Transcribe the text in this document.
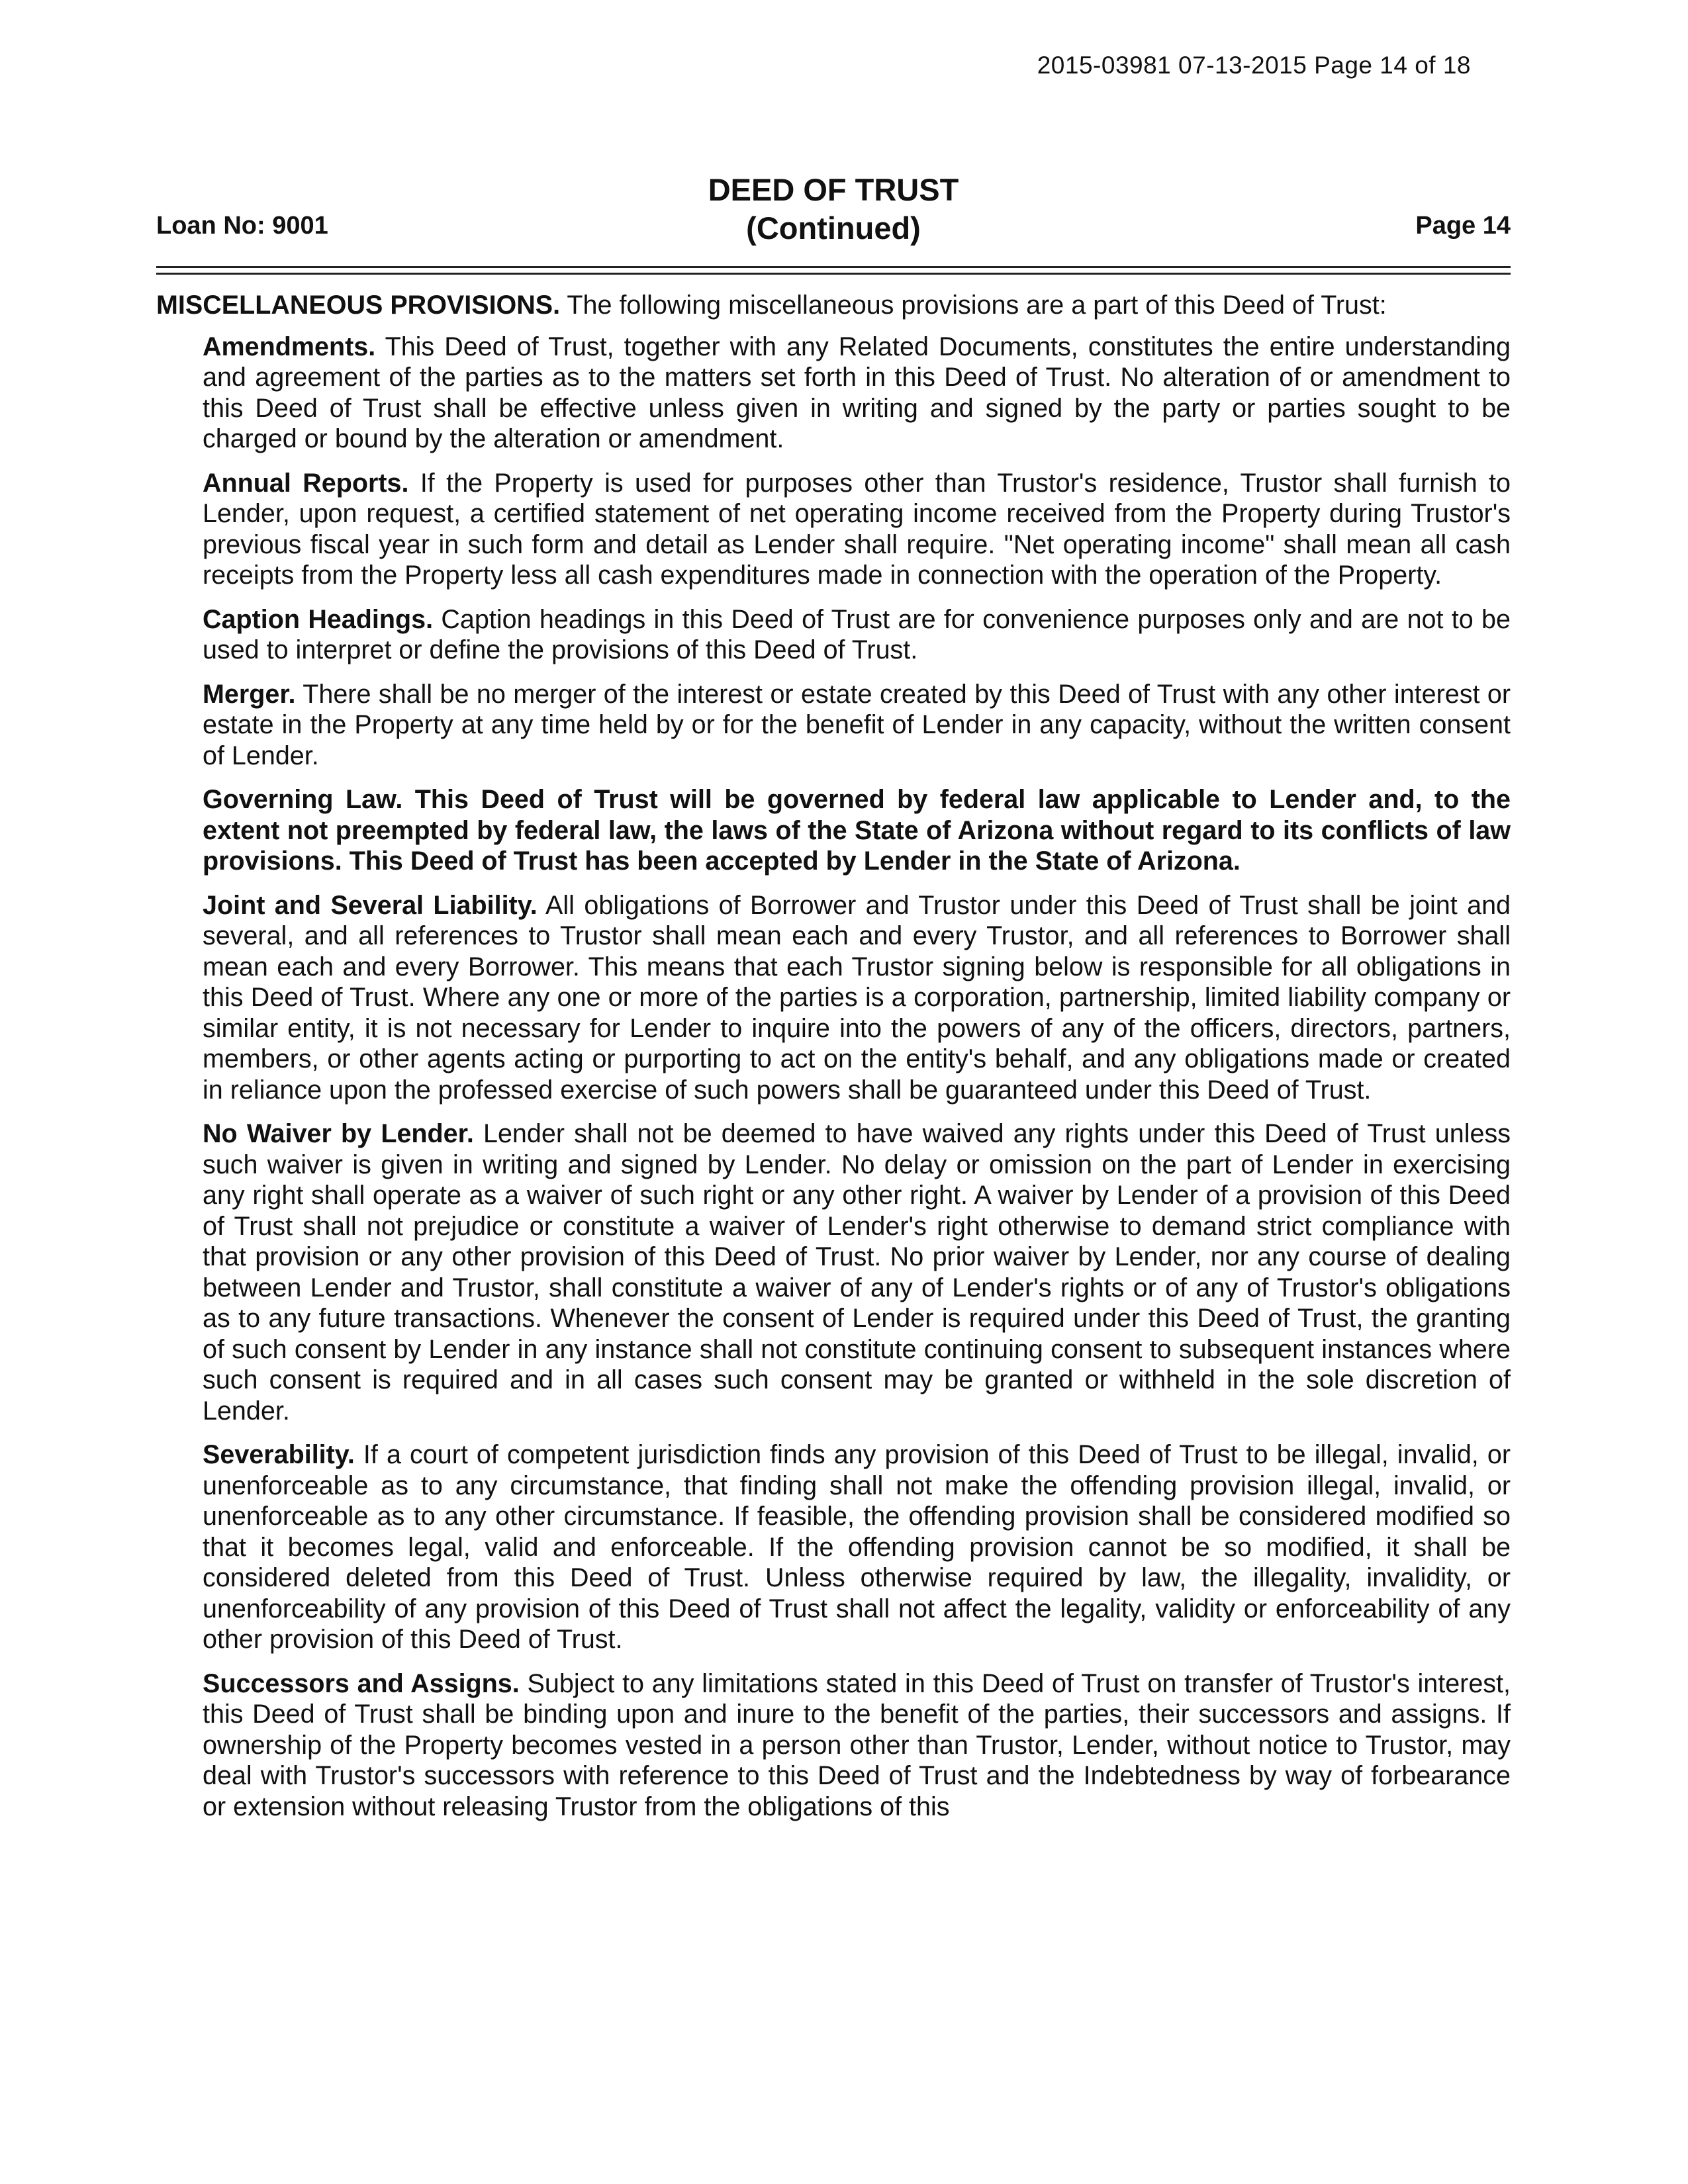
2015-03981 07-13-2015 Page 14 of 18
Loan No: 9001
DEED OF TRUST
(Continued)	Page 14

MISCELLANEOUS PROVISIONS. The following miscellaneous provisions are a part of this Deed of Trust:

Amendments. This Deed of Trust, together with any Related Documents, constitutes the entire understanding and agreement of the parties as to the matters set forth in this Deed of Trust. No alteration of or amendment to this Deed of Trust shall be effective unless given in writing and signed by the party or parties sought to be charged or bound by the alteration or amendment.

Annual Reports. If the Property is used for purposes other than Trustor's residence, Trustor shall furnish to Lender, upon request, a certified statement of net operating income received from the Property during Trustor's previous fiscal year in such form and detail as Lender shall require. "Net operating income" shall mean all cash receipts from the Property less all cash expenditures made in connection with the operation of the Property.

Caption Headings. Caption headings in this Deed of Trust are for convenience purposes only and are not to be used to interpret or define the provisions of this Deed of Trust.

Merger. There shall be no merger of the interest or estate created by this Deed of Trust with any other interest or estate in the Property at any time held by or for the benefit of Lender in any capacity, without the written consent of Lender.

Governing Law. This Deed of Trust will be governed by federal law applicable to Lender and, to the extent not preempted by federal law, the laws of the State of Arizona without regard to its conflicts of law provisions. This Deed of Trust has been accepted by Lender in the State of Arizona.

Joint and Several Liability. All obligations of Borrower and Trustor under this Deed of Trust shall be joint and several, and all references to Trustor shall mean each and every Trustor, and all references to Borrower shall mean each and every Borrower. This means that each Trustor signing below is responsible for all obligations in this Deed of Trust. Where any one or more of the parties is a corporation, partnership, limited liability company or similar entity, it is not necessary for Lender to inquire into the powers of any of the officers, directors, partners, members, or other agents acting or purporting to act on the entity's behalf, and any obligations made or created in reliance upon the professed exercise of such powers shall be guaranteed under this Deed of Trust.

No Waiver by Lender. Lender shall not be deemed to have waived any rights under this Deed of Trust unless such waiver is given in writing and signed by Lender. No delay or omission on the part of Lender in exercising any right shall operate as a waiver of such right or any other right. A waiver by Lender of a provision of this Deed of Trust shall not prejudice or constitute a waiver of Lender's right otherwise to demand strict compliance with that provision or any other provision of this Deed of Trust. No prior waiver by Lender, nor any course of dealing between Lender and Trustor, shall constitute a waiver of any of Lender's rights or of any of Trustor's obligations as to any future transactions. Whenever the consent of Lender is required under this Deed of Trust, the granting of such consent by Lender in any instance shall not constitute continuing consent to subsequent instances where such consent is required and in all cases such consent may be granted or withheld in the sole discretion of Lender.

Severability. If a court of competent jurisdiction finds any provision of this Deed of Trust to be illegal, invalid, or unenforceable as to any circumstance, that finding shall not make the offending provision illegal, invalid, or unenforceable as to any other circumstance. If feasible, the offending provision shall be considered modified so that it becomes legal, valid and enforceable. If the offending provision cannot be so modified, it shall be considered deleted from this Deed of Trust. Unless otherwise required by law, the illegality, invalidity, or unenforceability of any provision of this Deed of Trust shall not affect the legality, validity or enforceability of any other provision of this Deed of Trust.

Successors and Assigns. Subject to any limitations stated in this Deed of Trust on transfer of Trustor's interest, this Deed of Trust shall be binding upon and inure to the benefit of the parties, their successors and assigns. If ownership of the Property becomes vested in a person other than Trustor, Lender, without notice to Trustor, may deal with Trustor's successors with reference to this Deed of Trust and the Indebtedness by way of forbearance or extension without releasing Trustor from the obligations of this
